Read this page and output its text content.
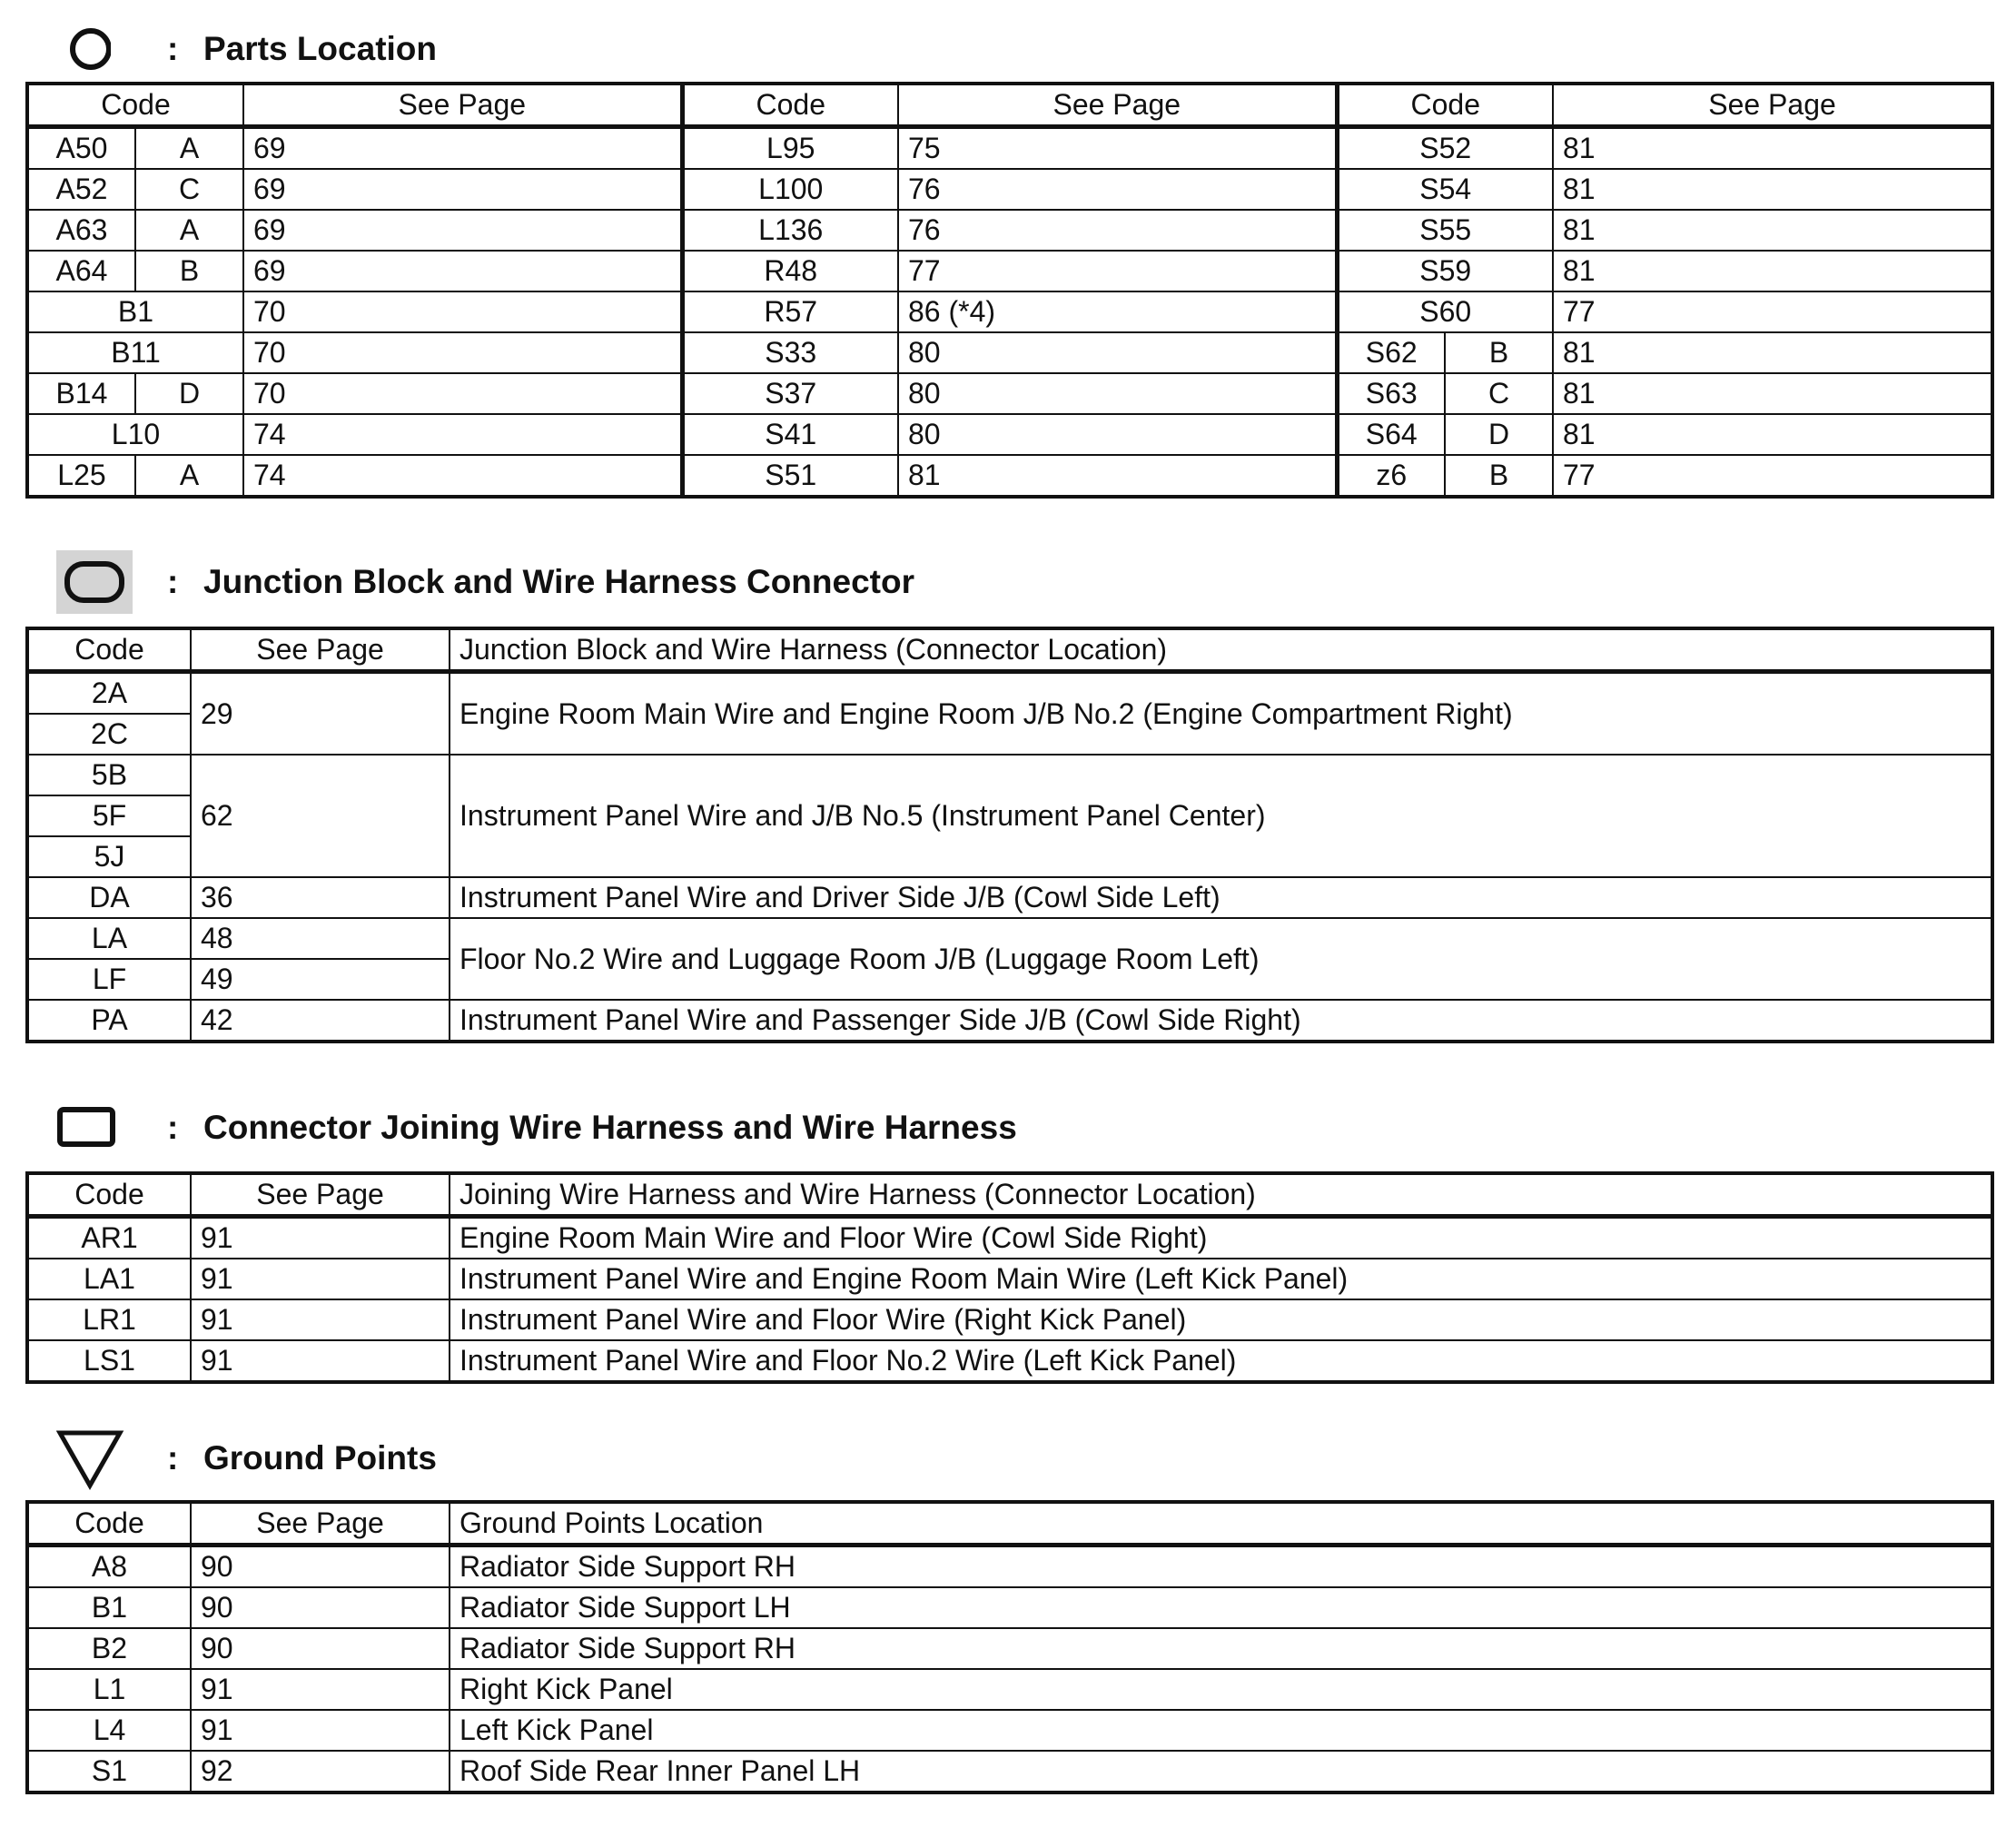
: Parts Location
Code		See Page	Code	See Page	Code		See Page
A50	A	69	L95	75	S52		81
A52	C	69	L100	76	S54		81
A63	A	69	L136	76	S55		81
A64	B	69	R48	77	S59		81
B1		70	R57	86 (*4)	S60		77
B11		70	S33	80	S62	B	81
B14	D	70	S37	80	S63	C	81
L10		74	S41	80	S64	D	81
L25	A	74	S51	81	z6	B	77
: Junction Block and Wire Harness Connector
Code	See Page	Junction Block and Wire Harness (Connector Location)
2A	29	Engine Room Main Wire and Engine Room J/B No.2 (Engine Compartment Right)
2C		
5B	62	Instrument Panel Wire and J/B No.5 (Instrument Panel Center)
5F		
5J		
DA	36	Instrument Panel Wire and Driver Side J/B (Cowl Side Left)
LA	48	Floor No.2 Wire and Luggage Room J/B (Luggage Room Left)
LF	49	
PA	42	Instrument Panel Wire and Passenger Side J/B (Cowl Side Right)
: Connector Joining Wire Harness and Wire Harness
Code	See Page	Joining Wire Harness and Wire Harness (Connector Location)
AR1	91	Engine Room Main Wire and Floor Wire (Cowl Side Right)
LA1	91	Instrument Panel Wire and Engine Room Main Wire (Left Kick Panel)
LR1	91	Instrument Panel Wire and Floor Wire (Right Kick Panel)
LS1	91	Instrument Panel Wire and Floor No.2 Wire (Left Kick Panel)
: Ground Points
Code	See Page	Ground Points Location
A8	90	Radiator Side Support RH
B1	90	Radiator Side Support LH
B2	90	Radiator Side Support RH
L1	91	Right Kick Panel
L4	91	Left Kick Panel
S1	92	Roof Side Rear Inner Panel LH
